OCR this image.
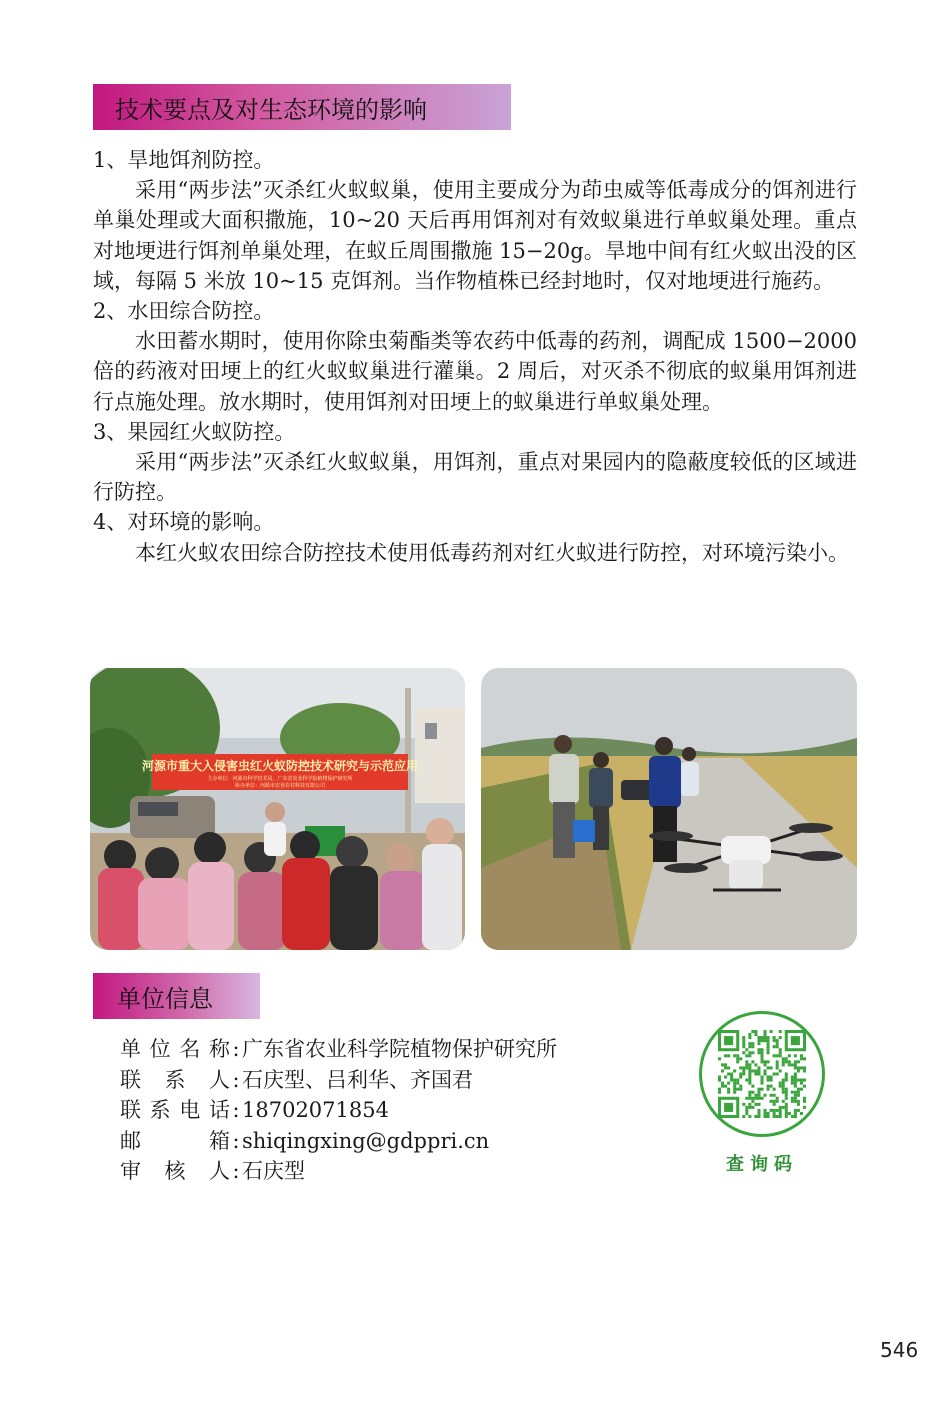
技术要点及对生态环境的影响

1、旱地饵剂防控。

采用“两步法”灭杀红火蚁蚁巢，使用主要成分为茚虫威等低毒成分的饵剂进行单巢处理或大面积撒施，10~20 天后再用饵剂对有效蚁巢进行单蚁巢处理。重点对地埂进行饵剂单巢处理，在蚁丘周围撒施 15−20g。旱地中间有红火蚁出没的区域，每隔 5 米放 10~15 克饵剂。当作物植株已经封地时，仅对地埂进行施药。

2、水田综合防控。

水田蓄水期时，使用你除虫菊酯类等农药中低毒的药剂，调配成 1500−2000 倍的药液对田埂上的红火蚁蚁巢进行灌巢。2 周后，对灭杀不彻底的蚁巢用饵剂进行点施处理。放水期时，使用饵剂对田埂上的蚁巢进行单蚁巢处理。

3、果园红火蚁防控。

采用“两步法”灭杀红火蚁蚁巢，用饵剂，重点对果园内的隐蔽度较低的区域进行防控。

4、对环境的影响。

本红火蚁农田综合防控技术使用低毒药剂对红火蚁进行防控，对环境污染小。

河源市重大入侵害虫红火蚁防控技术研究与示范应用
主办单位：河源市科学技术局，广东省农业科学院植物保护研究所
协办单位：河源市农业农村科技有限公司
单位信息
单 位 名 称 : 广东省农业科学院植物保护研究所
联 系 人 : 石庆型、吕利华、齐国君
联 系 电 话 : 18702071854
邮	箱 : shiqingxing@gdppri.cn
审 核 人 : 石庆型	查询码
546
